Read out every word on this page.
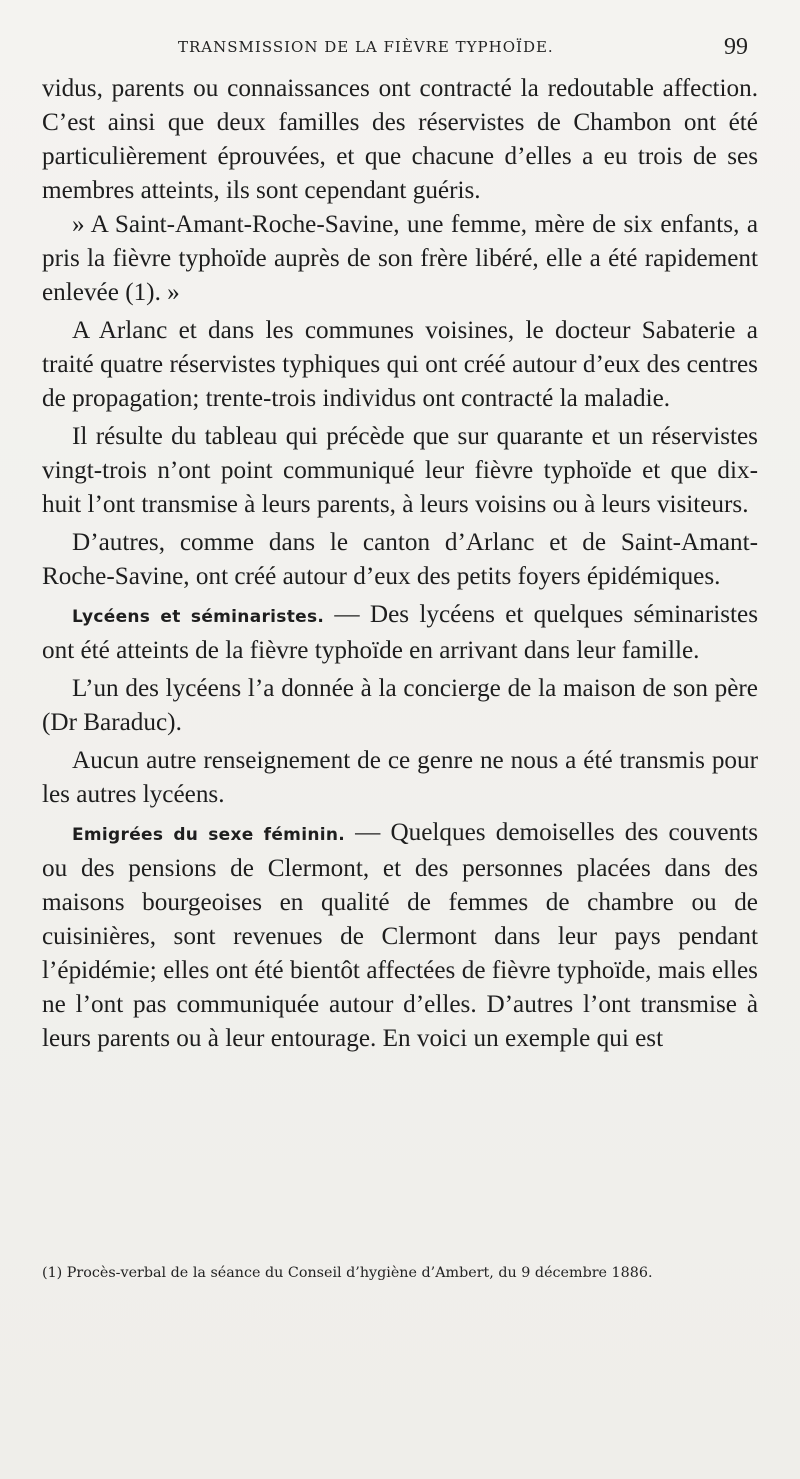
TRANSMISSION DE LA FIÈVRE TYPHOÏDE.	99

vidus, parents ou connaissances ont contracté la redoutable affection. C’est ainsi que deux familles des réservistes de Chambon ont été particulièrement éprouvées, et que chacune d’elles a eu trois de ses membres atteints, ils sont cependant guéris.

» A Saint-Amant-Roche-Savine, une femme, mère de six enfants, a pris la fièvre typhoïde auprès de son frère libéré, elle a été rapidement enlevée (1). »

A Arlanc et dans les communes voisines, le docteur Sabaterie a traité quatre réservistes typhiques qui ont créé autour d’eux des centres de propagation; trente-trois individus ont contracté la maladie.

Il résulte du tableau qui précède que sur quarante et un réservistes vingt-trois n’ont point communiqué leur fièvre typhoïde et que dix-huit l’ont transmise à leurs parents, à leurs voisins ou à leurs visiteurs.

D’autres, comme dans le canton d’Arlanc et de Saint-Amant-Roche-Savine, ont créé autour d’eux des petits foyers épidémiques.

Lycéens et séminaristes. — Des lycéens et quelques séminaristes ont été atteints de la fièvre typhoïde en arrivant dans leur famille.

L’un des lycéens l’a donnée à la concierge de la maison de son père (Dr Baraduc).

Aucun autre renseignement de ce genre ne nous a été transmis pour les autres lycéens.

Emigrées du sexe féminin. — Quelques demoiselles des couvents ou des pensions de Clermont, et des personnes placées dans des maisons bourgeoises en qualité de femmes de chambre ou de cuisinières, sont revenues de Clermont dans leur pays pendant l’épidémie; elles ont été bientôt affectées de fièvre typhoïde, mais elles ne l’ont pas communiquée autour d’elles. D’autres l’ont transmise à leurs parents ou à leur entourage. En voici un exemple qui est

(1) Procès-verbal de la séance du Conseil d’hygiène d’Ambert, du 9 décembre 1886.
